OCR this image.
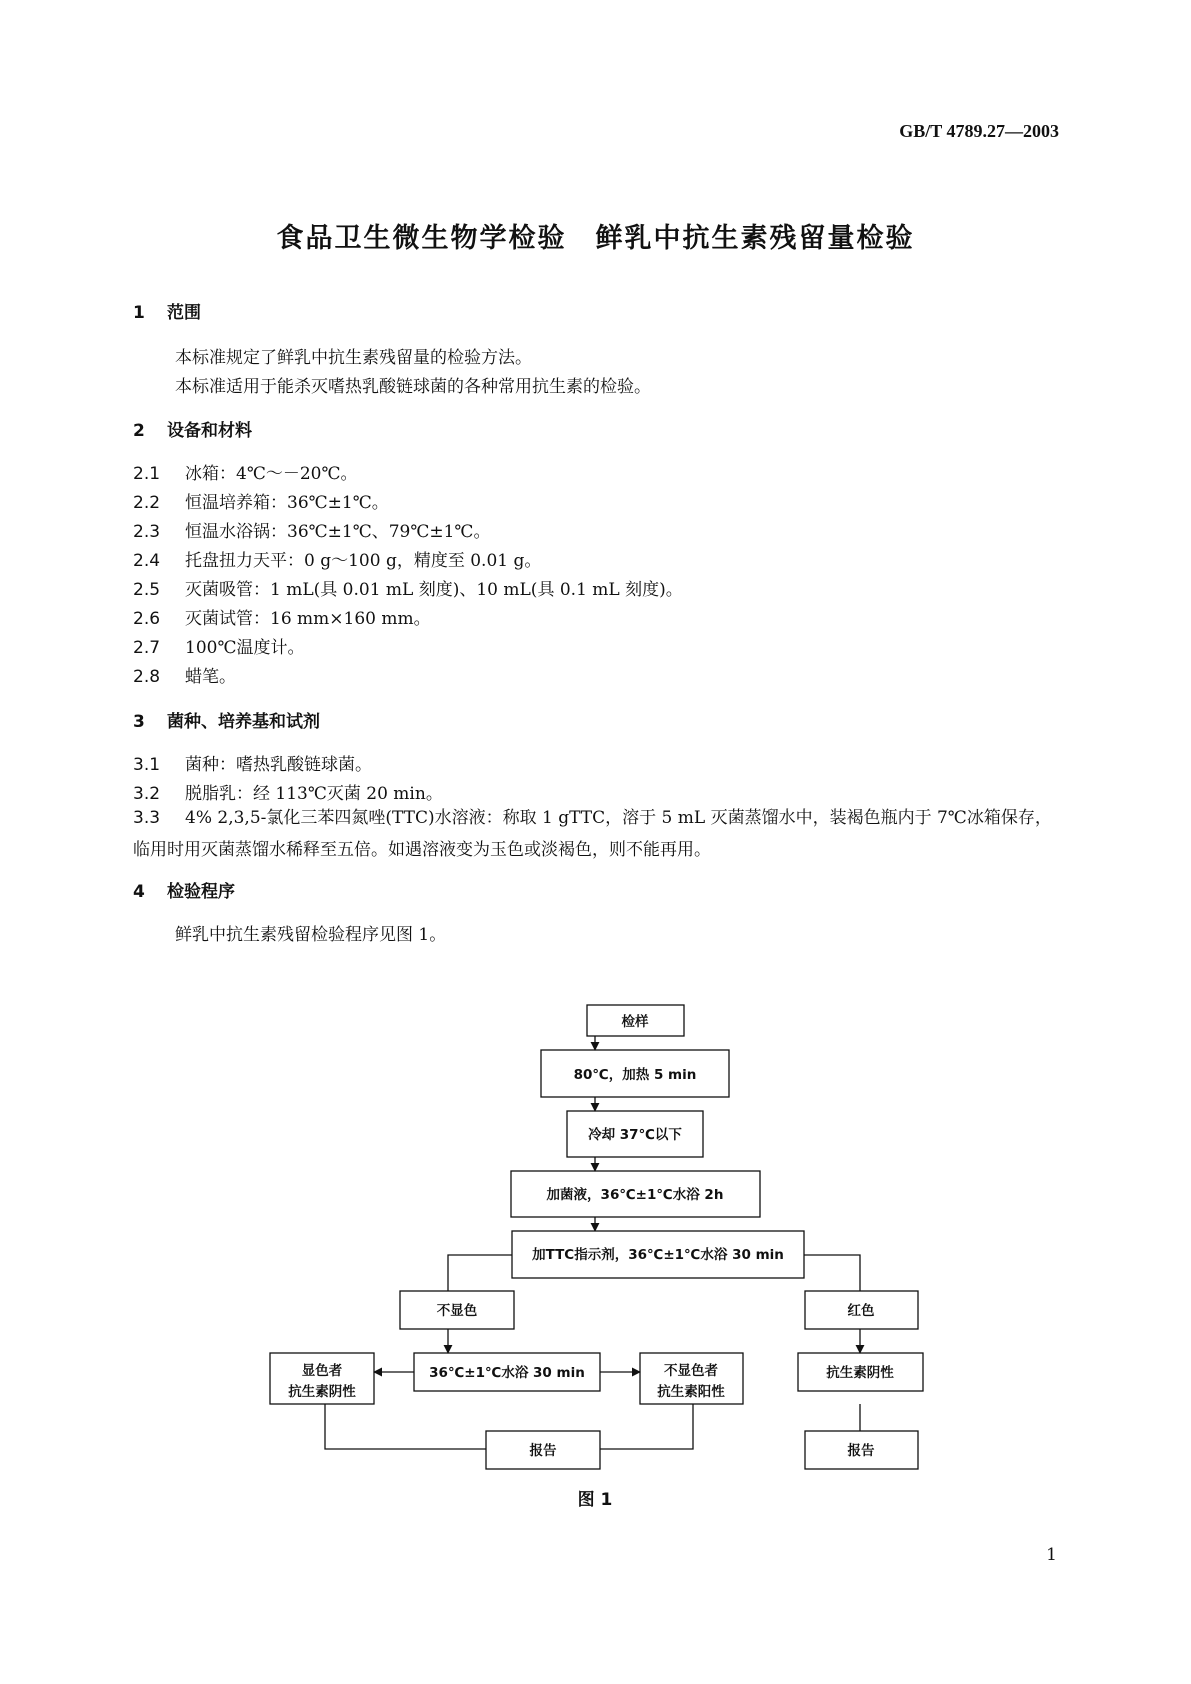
GB/T 4789.27—2003
食品卫生微生物学检验　鲜乳中抗生素残留量检验
1 范围
本标准规定了鲜乳中抗生素残留量的检验方法。
本标准适用于能杀灭嗜热乳酸链球菌的各种常用抗生素的检验。
2 设备和材料
2.1 冰箱：4℃～－20℃。
2.2 恒温培养箱：36℃±1℃。
2.3 恒温水浴锅：36℃±1℃、79℃±1℃。
2.4 托盘扭力天平：0 g～100 g，精度至 0.01 g。
2.5 灭菌吸管：1 mL(具 0.01 mL 刻度)、10 mL(具 0.1 mL 刻度)。
2.6 灭菌试管：16 mm×160 mm。
2.7 100℃温度计。
2.8 蜡笔。
3 菌种、培养基和试剂
3.1 菌种：嗜热乳酸链球菌。
3.2 脱脂乳：经 113℃灭菌 20 min。
3.3 4% 2,3,5-氯化三苯四氮唑(TTC)水溶液：称取 1 gTTC，溶于 5 mL 灭菌蒸馏水中，装褐色瓶内于 7℃冰箱保存，临用时用灭菌蒸馏水稀释至五倍。如遇溶液变为玉色或淡褐色，则不能再用。
4 检验程序
鲜乳中抗生素残留检验程序见图 1。
检样
80℃，加热 5 min
冷却 37℃以下
加菌液，36℃±1℃水浴 2h
加TTC指示剂，36℃±1℃水浴 30 min
不显色	红色
显色者
抗生素阴性
36℃±1℃水浴 30 min	不显色者
抗生素阳性
抗生素阴性
报告	报告
图 1
1
